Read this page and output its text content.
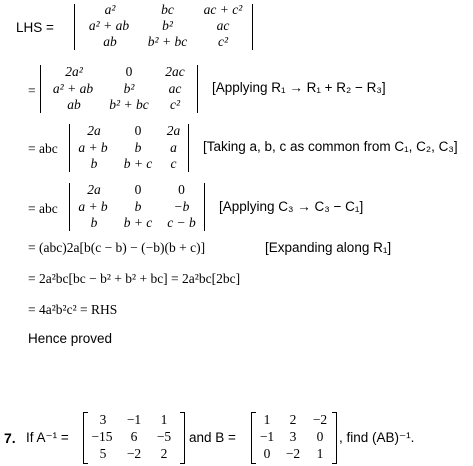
LHS =
a²	bc	ac + c²
a² + ab	b²	ac
ab	b² + bc	c²
=
2a²	0	2ac
a² + ab	b²	ac
ab	b² + bc	c²
[Applying R₁ → R₁ + R₂ − R₃]
= abc
2a	0	2a
a + b	b	a
b	b + c	c
[Taking a, b, c as common from C₁, C₂, C₃]
= abc
2a	0	0
a + b	b	−b
b	b + c	c − b
[Applying C₃ → C₃ − C₁]
= (abc)2a[b(c − b) − (−b)(b + c)]	[Expanding along R₁]
= 2a²bc[bc − b² + b² + bc] = 2a²bc[2bc]
= 4a²b²c² = RHS
Hence proved
7. If A⁻¹ =
3	−1	1
−15	6	−5
5	−2	2
and B =
1	2	−2
−1	3	0
0	−2	1
, find (AB)⁻¹.
